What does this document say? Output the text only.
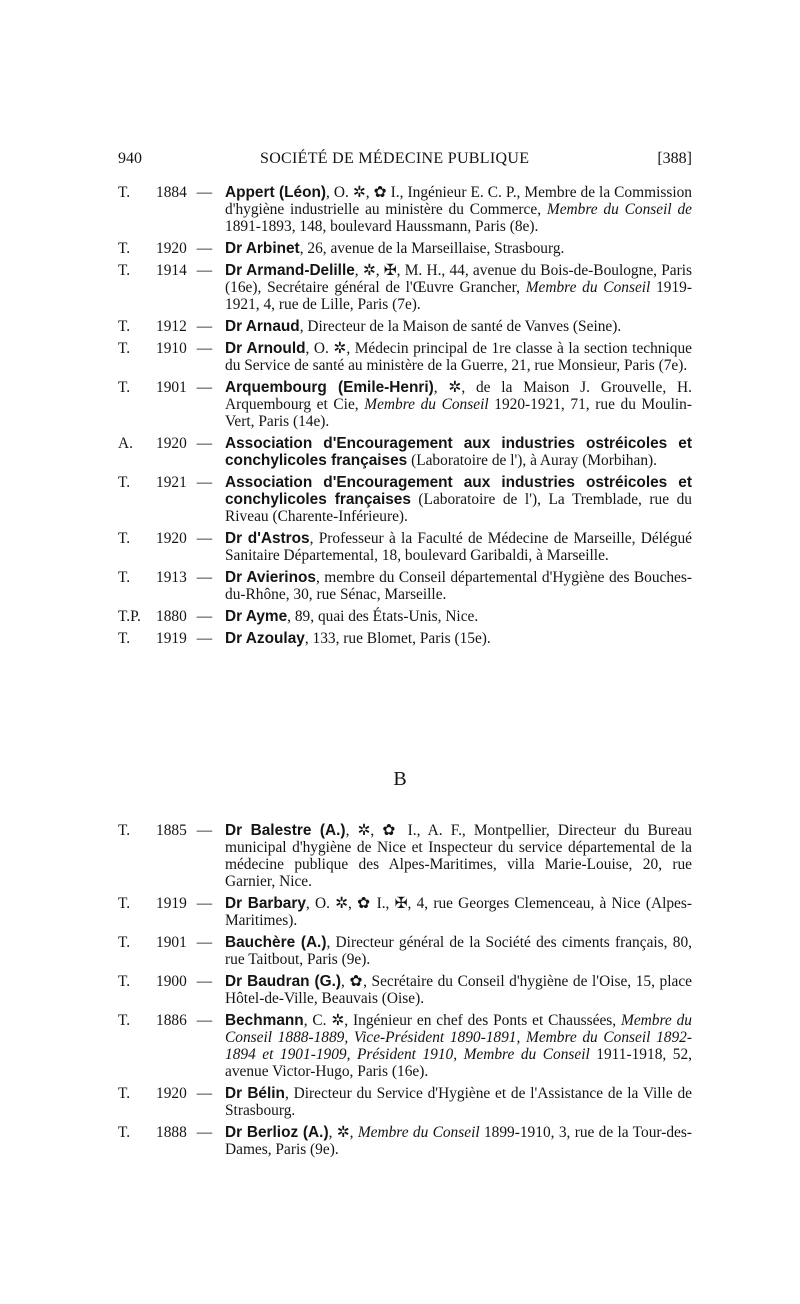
940	SOCIÉTÉ DE MÉDECINE PUBLIQUE	[388]
T. 1884 — Appert (Léon), O. ✲, ✿ I., Ingénieur E. C. P., Membre de la Commission d'hygiène industrielle au ministère du Commerce, Membre du Conseil de 1891-1893, 148, boulevard Haussmann, Paris (8e).
T. 1920 — Dr Arbinet, 26, avenue de la Marseillaise, Strasbourg.
T. 1914 — Dr Armand-Delille, ✲, ✠, M. H., 44, avenue du Bois-de-Boulogne, Paris (16e), Secrétaire général de l'Œuvre Grancher, Membre du Conseil 1919-1921, 4, rue de Lille, Paris (7e).
T. 1912 — Dr Arnaud, Directeur de la Maison de santé de Vanves (Seine).
T. 1910 — Dr Arnould, O. ✲, Médecin principal de 1re classe à la section technique du Service de santé au ministère de la Guerre, 21, rue Monsieur, Paris (7e).
T. 1901 — Arquembourg (Emile-Henri), ✲, de la Maison J. Grouvelle, H. Arquembourg et Cie, Membre du Conseil 1920-1921, 71, rue du Moulin-Vert, Paris (14e).
A. 1920 — Association d'Encouragement aux industries ostréicoles et conchylicoles françaises (Laboratoire de l'), à Auray (Morbihan).
T. 1921 — Association d'Encouragement aux industries ostréicoles et conchylicoles françaises (Laboratoire de l'), La Tremblade, rue du Riveau (Charente-Inférieure).
T. 1920 — Dr d'Astros, Professeur à la Faculté de Médecine de Marseille, Délégué Sanitaire Départemental, 18, boulevard Garibaldi, à Marseille.
T. 1913 — Dr Avierinos, membre du Conseil départemental d'Hygiène des Bouches-du-Rhône, 30, rue Sénac, Marseille.
T.P. 1880 — Dr Ayme, 89, quai des États-Unis, Nice.
T. 1919 — Dr Azoulay, 133, rue Blomet, Paris (15e).
B
T. 1885 — Dr Balestre (A.), ✲, ✿ I., A. F., Montpellier, Directeur du Bureau municipal d'hygiène de Nice et Inspecteur du service départemental de la médecine publique des Alpes-Maritimes, villa Marie-Louise, 20, rue Garnier, Nice.
T. 1919 — Dr Barbary, O. ✲, ✿ I., ✠, 4, rue Georges Clemenceau, à Nice (Alpes-Maritimes).
T. 1901 — Bauchère (A.), Directeur général de la Société des ciments français, 80, rue Taitbout, Paris (9e).
T. 1900 — Dr Baudran (G.), ✿, Secrétaire du Conseil d'hygiène de l'Oise, 15, place Hôtel-de-Ville, Beauvais (Oise).
T. 1886 — Bechmann, C. ✲, Ingénieur en chef des Ponts et Chaussées, Membre du Conseil 1888-1889, Vice-Président 1890-1891, Membre du Conseil 1892-1894 et 1901-1909, Président 1910, Membre du Conseil 1911-1918, 52, avenue Victor-Hugo, Paris (16e).
T. 1920 — Dr Bélin, Directeur du Service d'Hygiène et de l'Assistance de la Ville de Strasbourg.
T. 1888 — Dr Berlioz (A.), ✲, Membre du Conseil 1899-1910, 3, rue de la Tour-des-Dames, Paris (9e).
